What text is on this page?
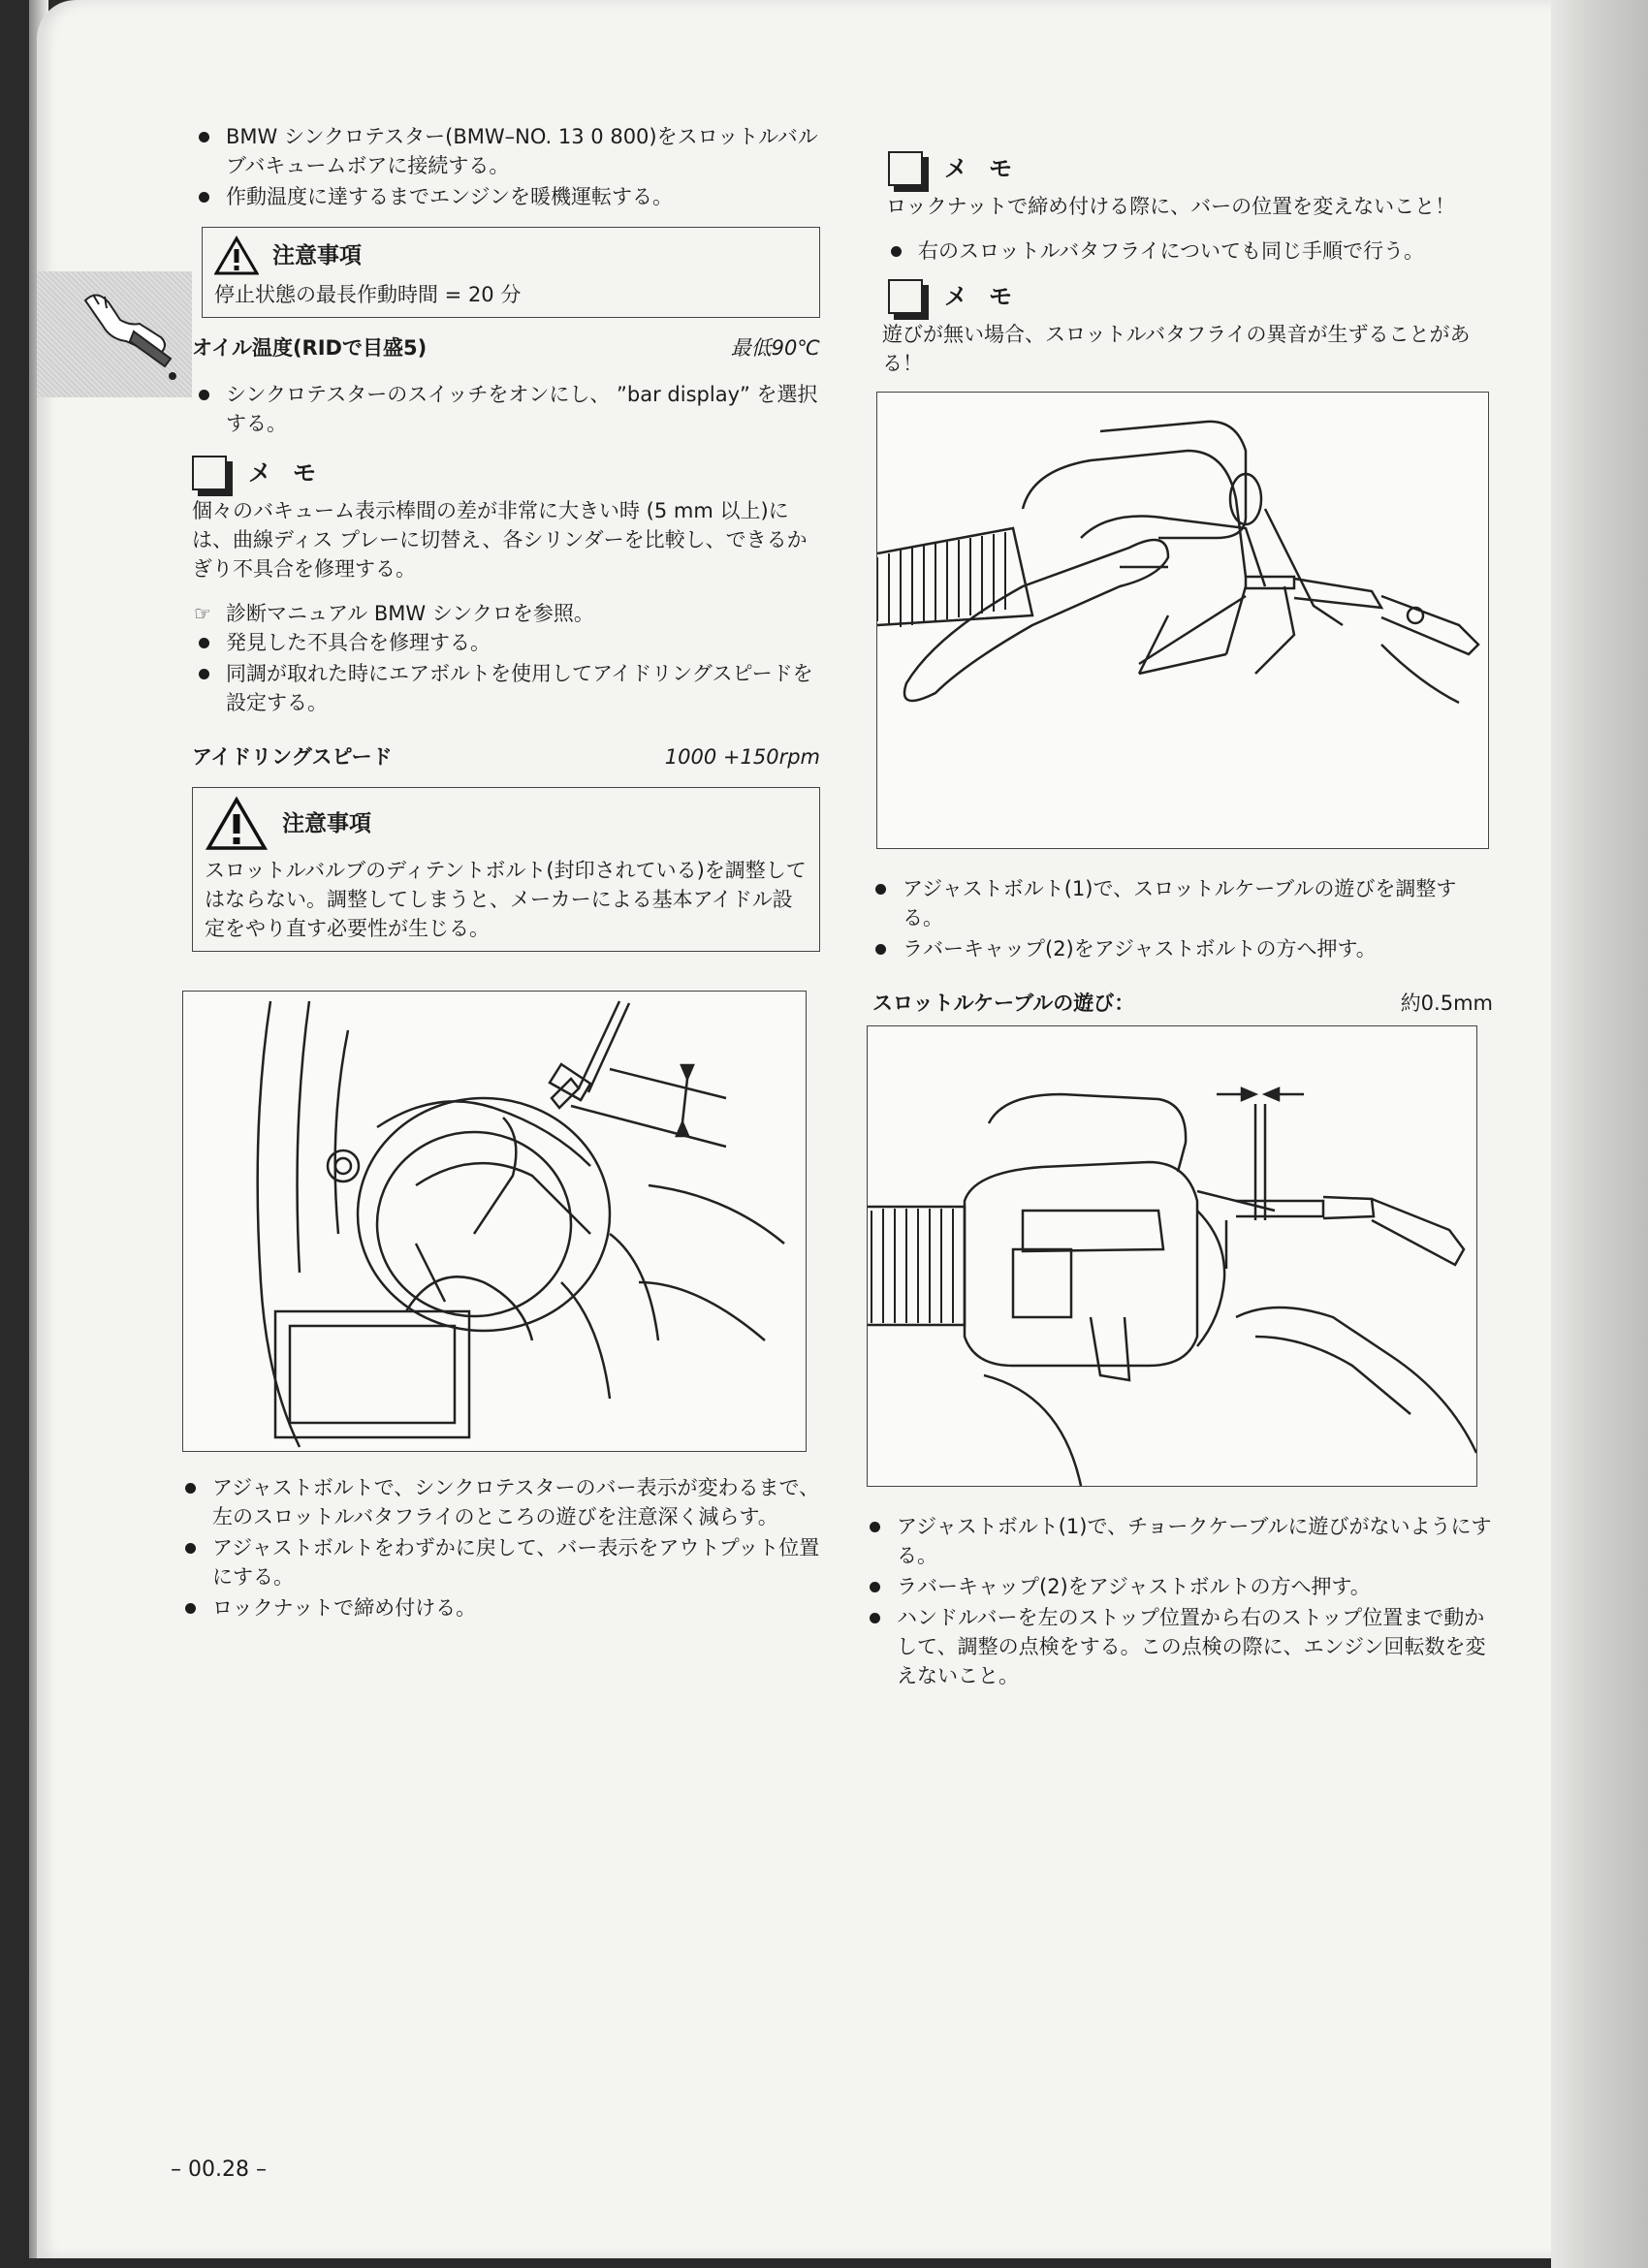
BMW シンクロテスター(BMW–NO. 13 0 800)をスロットルバルブバキュームボアに接続する。
作動温度に達するまでエンジンを暖機運転する。
注意事項
停止状態の最長作動時間 = 20 分
オイル温度(RIDで目盛5)	最低90℃
シンクロテスターのスイッチをオンにし、 ”bar display” を選択する。
メモ
個々のバキューム表示棒間の差が非常に大きい時 (5 mm 以上)には、曲線ディス プレーに切替え、各シリンダーを比較し、できるかぎり不具合を修理する。
☞ 診断マニュアル BMW シンクロを参照。
発見した不具合を修理する。
同調が取れた時にエアボルトを使用してアイドリングスピードを設定する。
アイドリングスピード	1000 +150rpm
注意事項
スロットルバルブのディテントボルト(封印されている)を調整してはならない。調整してしまうと、メーカーによる基本アイドル設定をやり直す必要性が生じる。
アジャストボルトで、シンクロテスターのバー表示が変わるまで、左のスロットルバタフライのところの遊びを注意深く減らす。
アジャストボルトをわずかに戻して、バー表示をアウトプット位置にする。
ロックナットで締め付ける。
メモ
ロックナットで締め付ける際に、バーの位置を変えないこと！
右のスロットルバタフライについても同じ手順で行う。
メモ
遊びが無い場合、スロットルバタフライの異音が生ずることがある！
アジャストボルト(1)で、スロットルケーブルの遊びを調整する。
ラバーキャップ(2)をアジャストボルトの方へ押す。
スロットルケーブルの遊び：	約0.5mm
アジャストボルト(1)で、チョークケーブルに遊びがないようにする。
ラバーキャップ(2)をアジャストボルトの方へ押す。
ハンドルバーを左のストップ位置から右のストップ位置まで動かして、調整の点検をする。この点検の際に、エンジン回転数を変えないこと。
– 00.28 –
